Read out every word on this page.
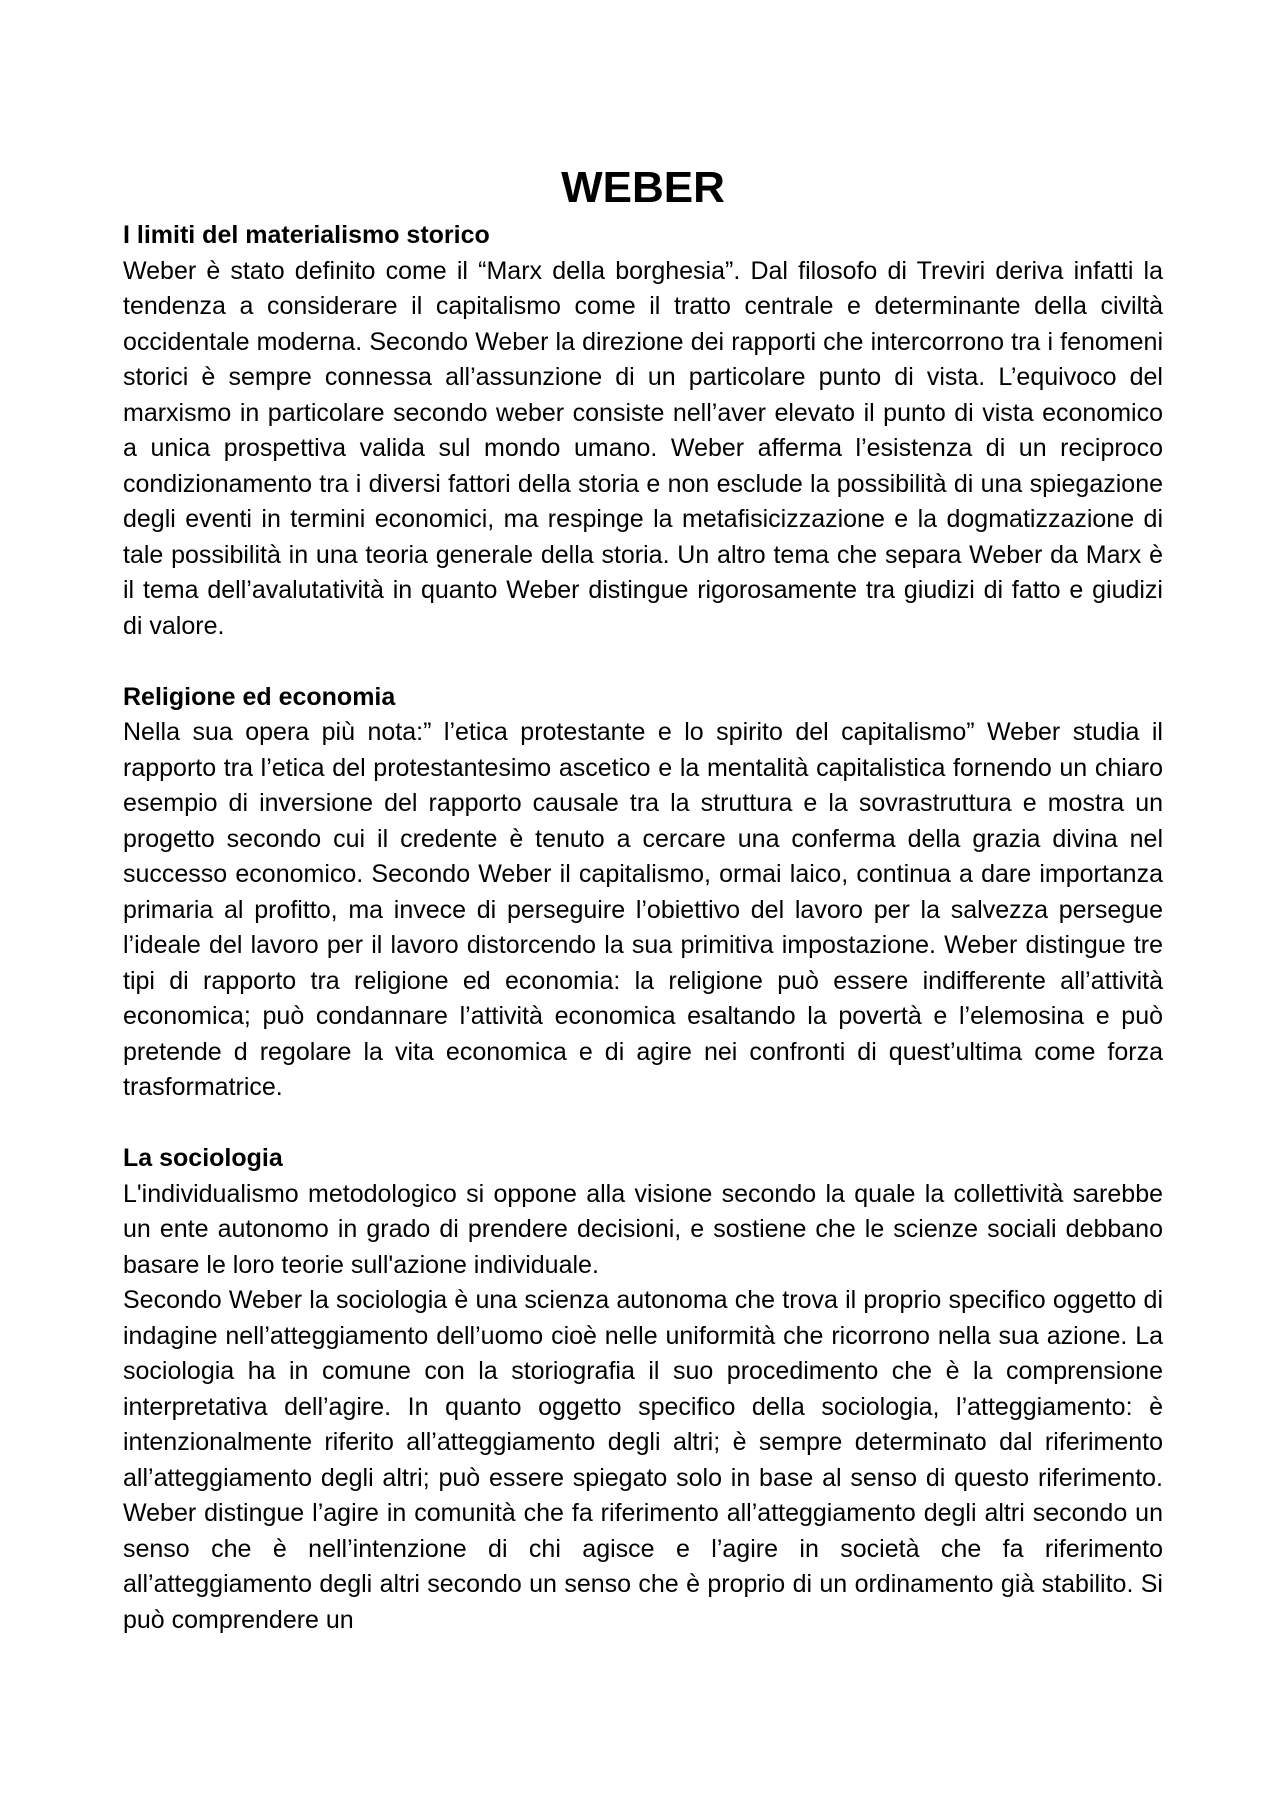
WEBER

I limiti del materialismo storico

Weber è stato definito come il “Marx della borghesia”. Dal filosofo di Treviri deriva infatti la tendenza a considerare il capitalismo come il tratto centrale e determinante della civiltà occidentale moderna. Secondo Weber la direzione dei rapporti che intercorrono tra i fenomeni storici è sempre connessa all’assunzione di un particolare punto di vista. L’equivoco del marxismo in particolare secondo weber consiste nell’aver elevato il punto di vista economico a unica prospettiva valida sul mondo umano. Weber afferma l’esistenza di un reciproco condizionamento tra i diversi fattori della storia e non esclude la possibilità di una spiegazione degli eventi in termini economici, ma respinge la metafisicizzazione e la dogmatizzazione di tale possibilità in una teoria generale della storia. Un altro tema che separa Weber da Marx è il tema dell’avalutatività in quanto Weber distingue rigorosamente tra giudizi di fatto e giudizi di valore.

Religione ed economia

Nella sua opera più nota:” l’etica protestante e lo spirito del capitalismo” Weber studia il rapporto tra l’etica del protestantesimo ascetico e la mentalità capitalistica fornendo un chiaro esempio di inversione del rapporto causale tra la struttura e la sovrastruttura e mostra un progetto secondo cui il credente è tenuto a cercare una conferma della grazia divina nel successo economico. Secondo Weber il capitalismo, ormai laico, continua a dare importanza primaria al profitto, ma invece di perseguire l’obiettivo del lavoro per la salvezza persegue l’ideale del lavoro per il lavoro distorcendo la sua primitiva impostazione. Weber distingue tre tipi di rapporto tra religione ed economia: la religione può essere indifferente all’attività economica; può condannare l’attività economica esaltando la povertà e l’elemosina e può pretende d regolare la vita economica e di agire nei confronti di quest’ultima come forza trasformatrice.

La sociologia

L'individualismo metodologico si oppone alla visione secondo la quale la collettività sarebbe un ente autonomo in grado di prendere decisioni, e sostiene che le scienze sociali debbano basare le loro teorie sull'azione individuale.

Secondo Weber la sociologia è una scienza autonoma che trova il proprio specifico oggetto di indagine nell’atteggiamento dell’uomo cioè nelle uniformità che ricorrono nella sua azione. La sociologia ha in comune con la storiografia il suo procedimento che è la comprensione interpretativa dell’agire. In quanto oggetto specifico della sociologia, l’atteggiamento: è intenzionalmente riferito all’atteggiamento degli altri; è sempre determinato dal riferimento all’atteggiamento degli altri; può essere spiegato solo in base al senso di questo riferimento. Weber distingue l’agire in comunità che fa riferimento all’atteggiamento degli altri secondo un senso che è nell’intenzione di chi agisce e l’agire in società che fa riferimento all’atteggiamento degli altri secondo un senso che è proprio di un ordinamento già stabilito. Si può comprendere un
